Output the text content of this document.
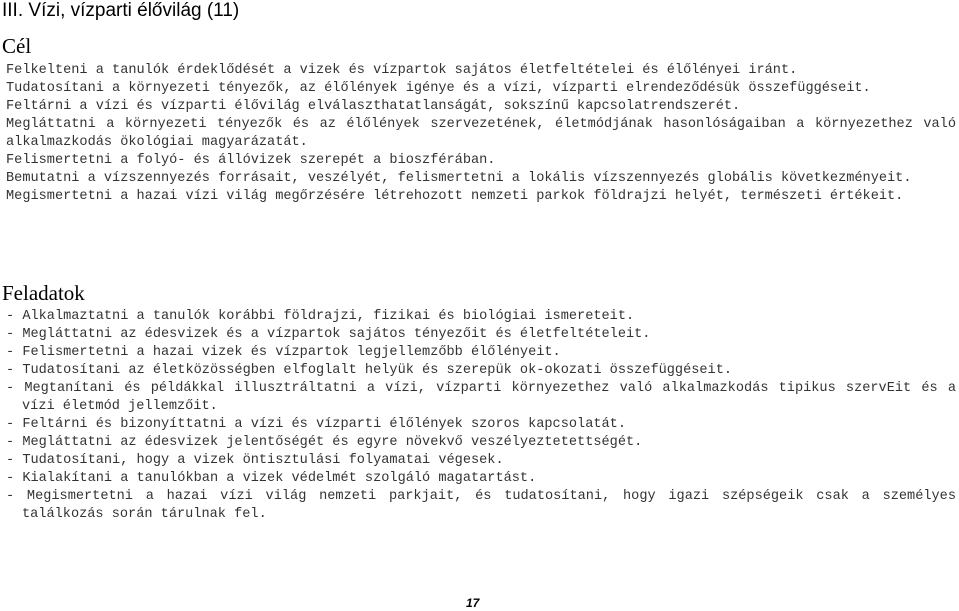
III. Vízi, vízparti élővilág (11)
Cél

Felkelteni a tanulók érdeklődését a vizek és vízpartok sajátos életfeltételei és élőlényei iránt.

Tudatosítani a környezeti tényezők, az élőlények igénye és a vízi, vízparti elrendeződésük összefüggéseit.

Feltárni a vízi és vízparti élővilág elválaszthatatlanságát, sokszínű kapcsolatrendszerét.

Megláttatni a környezeti tényezők és az élőlények szervezetének, életmódjának hasonlóságaiban a környezethez való alkalmazkodás ökológiai magyarázatát.

Felismertetni a folyó- és állóvizek szerepét a bioszférában.

Bemutatni a vízszennyezés forrásait, veszélyét, felismertetni a lokális vízszennyezés globális következményeit.

Megismertetni a hazai vízi világ megőrzésére létrehozott nemzeti parkok földrajzi helyét, természeti értékeit.

Feladatok

- Alkalmaztatni a tanulók korábbi földrajzi, fizikai és biológiai ismereteit.

- Megláttatni az édesvizek és a vízpartok sajátos tényezőit és életfeltételeit.

- Felismertetni a hazai vizek és vízpartok legjellemzőbb élőlényeit.

- Tudatosítani az életközösségben elfoglalt helyük és szerepük ok-okozati összefüggéseit.

- Megtanítani és példákkal illusztráltatni a vízi, vízparti környezethez való alkalmazkodás tipikus szervEit és a vízi életmód jellemzőit.

- Feltárni és bizonyíttatni a vízi és vízparti élőlények szoros kapcsolatát.

- Megláttatni az édesvizek jelentőségét és egyre növekvő veszélyeztetettségét.

- Tudatosítani, hogy a vizek öntisztulási folyamatai végesek.

- Kialakítani a tanulókban a vizek védelmét szolgáló magatartást.

- Megismertetni a hazai vízi világ nemzeti parkjait, és tudatosítani, hogy igazi szépségeik csak a személyes találkozás során tárulnak fel.

17
